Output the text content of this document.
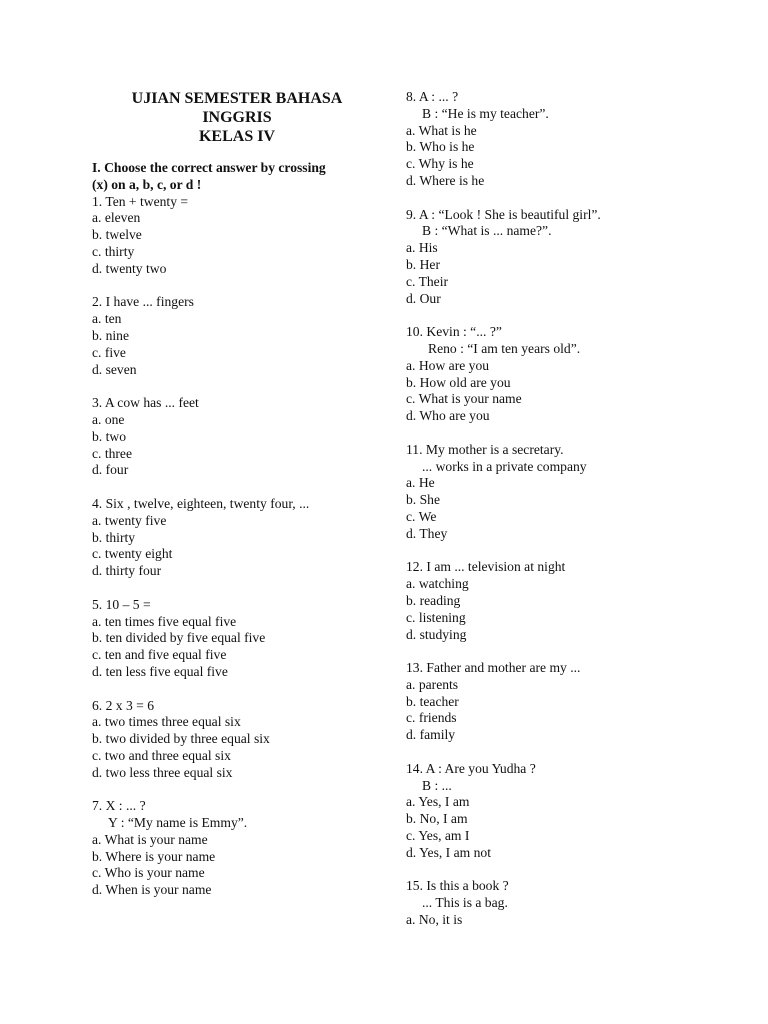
UJIAN SEMESTER BAHASA
INGGRIS
KELAS IV
I. Choose the correct answer by crossing
(x) on a, b, c, or d !
1. Ten + twenty =
a. eleven
b. twelve
c. thirty
d. twenty two
2. I have ... fingers
a. ten
b. nine
c. five
d. seven
3. A cow has ... feet
a. one
b. two
c. three
d. four
4. Six , twelve, eighteen, twenty four, ...
a. twenty five
b. thirty
c. twenty eight
d. thirty four
5. 10 – 5 =
a. ten times five equal five
b. ten divided by five equal five
c. ten and five equal five
d. ten less five equal five
6. 2 x 3 = 6
a. two times three equal six
b. two divided by three equal six
c. two and three equal six
d. two less three equal six
7. X : ... ?
Y : “My name is Emmy”.
a. What is your name
b. Where is your name
c. Who is your name
d. When is your name
8. A : ... ?
B : “He is my teacher”.
a. What is he
b. Who is he
c. Why is he
d. Where is he
9. A : “Look ! She is beautiful girl”.
B : “What is ... name?”.
a. His
b. Her
c. Their
d. Our
10. Kevin : “... ?”
Reno : “I am ten years old”.
a. How are you
b. How old are you
c. What is your name
d. Who are you
11. My mother is a secretary.
... works in a private company
a. He
b. She
c. We
d. They
12. I am ... television at night
a. watching
b. reading
c. listening
d. studying
13. Father and mother are my ...
a. parents
b. teacher
c. friends
d. family
14. A : Are you Yudha ?
B : ...
a. Yes, I am
b. No, I am
c. Yes, am I
d. Yes, I am not
15. Is this a book ?
... This is a bag.
a. No, it is
